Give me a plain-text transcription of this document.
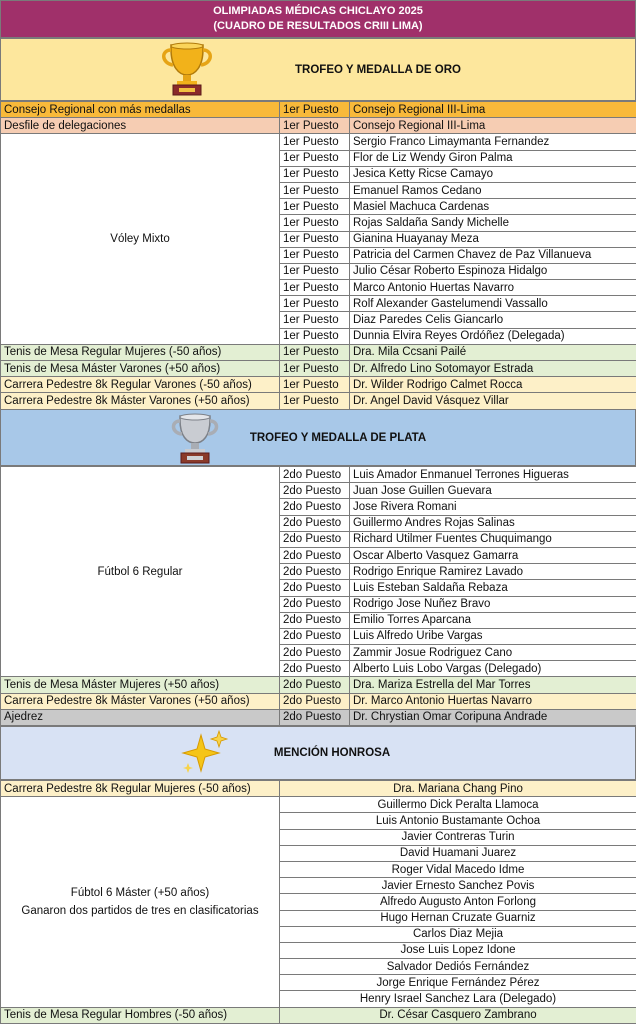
OLIMPIADAS MÉDICAS CHICLAYO 2025
(CUADRO DE RESULTADOS CRIII LIMA)
TROFEO Y MEDALLA DE ORO
Consejo Regional con más medallas	1er Puesto	Consejo Regional III-Lima
Desfile de delegaciones	1er Puesto	Consejo Regional III-Lima
Vóley Mixto	1er Puesto	Sergio Franco Limaymanta Fernandez
	1er Puesto	Flor de Liz Wendy Giron Palma
	1er Puesto	Jesica Ketty Ricse Camayo
	1er Puesto	Emanuel Ramos Cedano
	1er Puesto	Masiel Machuca Cardenas
	1er Puesto	Rojas Saldaña Sandy Michelle
	1er Puesto	Gianina Huayanay Meza
	1er Puesto	Patricia del Carmen Chavez de Paz Villanueva
	1er Puesto	Julio César Roberto Espinoza Hidalgo
	1er Puesto	Marco Antonio Huertas Navarro
	1er Puesto	Rolf Alexander Gastelumendi Vassallo
	1er Puesto	Diaz Paredes Celis Giancarlo
	1er Puesto	Dunnia Elvira Reyes Ordóñez (Delegada)
Tenis de Mesa Regular Mujeres (-50 años)	1er Puesto	Dra. Mila Ccsani Pailé
Tenis de Mesa Máster Varones (+50 años)	1er Puesto	Dr. Alfredo Lino Sotomayor Estrada
Carrera Pedestre 8k Regular Varones (-50 años)	1er Puesto	Dr. Wilder Rodrigo Calmet Rocca
Carrera Pedestre 8k Máster Varones (+50 años)	1er Puesto	Dr. Angel David Vásquez Villar
TROFEO Y MEDALLA DE PLATA
Fútbol 6 Regular	2do Puesto	Luis Amador Enmanuel Terrones Higueras
	2do Puesto	Juan Jose Guillen Guevara
	2do Puesto	Jose Rivera Romani
	2do Puesto	Guillermo Andres Rojas Salinas
	2do Puesto	Richard Utilmer Fuentes Chuquimango
	2do Puesto	Oscar Alberto Vasquez Gamarra
	2do Puesto	Rodrigo Enrique Ramirez Lavado
	2do Puesto	Luis Esteban Saldaña Rebaza
	2do Puesto	Rodrigo Jose Nuñez Bravo
	2do Puesto	Emilio Torres Aparcana
	2do Puesto	Luis Alfredo Uribe Vargas
	2do Puesto	Zammir Josue Rodriguez Cano
	2do Puesto	Alberto Luis Lobo Vargas (Delegado)
Tenis de Mesa Máster Mujeres (+50 años)	2do Puesto	Dra. Mariza Estrella del Mar Torres
Carrera Pedestre 8k Máster Varones (+50 años)	2do Puesto	Dr. Marco Antonio Huertas Navarro
Ajedrez	2do Puesto	Dr. Chrystian Omar Coripuna Andrade
MENCIÓN HONROSA
Carrera Pedestre 8k Regular Mujeres (-50 años)	Dra. Mariana Chang Pino

Fúbtol 6 Máster (+50 años)
Ganaron dos partidos de tres en clasificatorias	Guillermo Dick Peralta Llamoca
	Luis Antonio Bustamante Ochoa
	Javier Contreras Turin
	David Huamani Juarez
	Roger Vidal Macedo Idme
	Javier Ernesto Sanchez Povis
	Alfredo Augusto Anton Forlong
	Hugo Hernan Cruzate Guarniz
	Carlos Diaz Mejia
	Jose Luis Lopez Idone
	Salvador Dediós Fernández
	Jorge Enrique Fernández Pérez
	Henry Israel Sanchez Lara (Delegado)
Tenis de Mesa Regular Hombres (-50 años)	Dr. César Casquero Zambrano
